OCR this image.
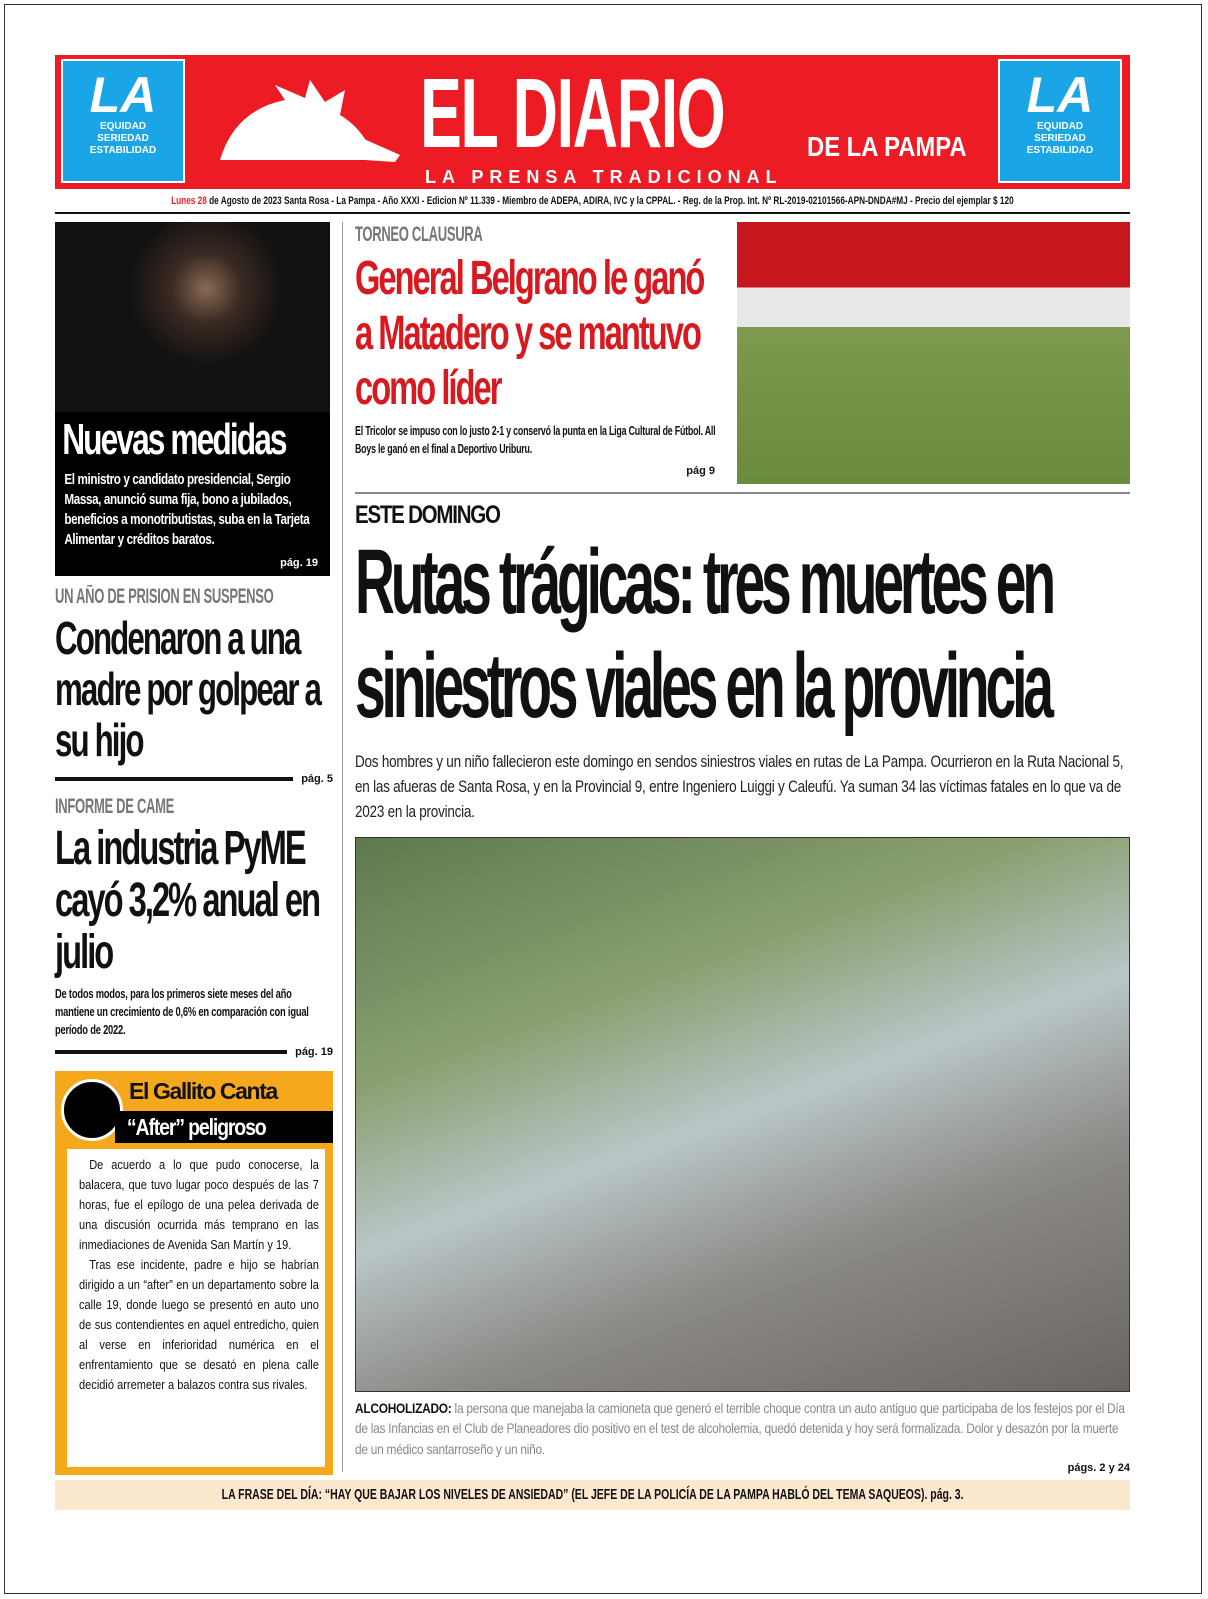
LA
EQUIDAD
SERIEDAD
ESTABILIDAD	EL DIARIO	DE LA PAMPA
LA PRENSA TRADICIONAL
LA
EQUIDAD
SERIEDAD
ESTABILIDAD
Lunes 28 de Agosto de 2023 Santa Rosa - La Pampa - Año XXXI - Edicion Nº 11.339 - Miembro de ADEPA, ADIRA, IVC y la CPPAL. - Reg. de la Prop. Int. Nº RL-2019-02101566-APN-DNDA#MJ - Precio del ejemplar $ 120
Nuevas medidas

El ministro y candidato presidencial, Sergio Massa, anunció suma fija, bono a jubilados, beneficios a monotributistas, suba en la Tarjeta Alimentar y créditos baratos.

pág. 19
UN AÑO DE PRISION EN SUSPENSO
Condenaron a una madre por golpear a su hijo
pág. 5
INFORME DE CAME
La industria PyME cayó 3,2% anual en julio
De todos modos, para los primeros siete meses del año mantiene un crecimiento de 0,6% en comparación con igual período de 2022.
pág. 19
El Gallito Canta
“After” peligroso

De acuerdo a lo que pudo conocerse, la balacera, que tuvo lugar poco después de las 7 horas, fue el epílogo de una pelea derivada de una discusión ocurrida más temprano en las inmediaciones de Avenida San Martín y 19.

Tras ese incidente, padre e hijo se habrían dirigido a un “after” en un departamento sobre la calle 19, donde luego se presentó en auto uno de sus contendientes en aquel entredicho, quien al verse en inferioridad numérica en el enfrentamiento que se desató en plena calle decidió arremeter a balazos contra sus rivales.

TORNEO CLAUSURA
General Belgrano le ganó a Matadero y se mantuvo como líder
El Tricolor se impuso con lo justo 2-1 y conservó la punta en la Liga Cultural de Fútbol. All Boys le ganó en el final a Deportivo Uriburu.
pág 9
ESTE DOMINGO
Rutas trágicas: tres muertes en siniestros viales en la provincia
Dos hombres y un niño fallecieron este domingo en sendos siniestros viales en rutas de La Pampa. Ocurrieron en la Ruta Nacional 5, en las afueras de Santa Rosa, y en la Provincial 9, entre Ingeniero Luiggi y Caleufú. Ya suman 34 las víctimas fatales en lo que va de 2023 en la provincia.
ALCOHOLIZADO: la persona que manejaba la camioneta que generó el terrible choque contra un auto antiguo que participaba de los festejos por el Día de las Infancias en el Club de Planeadores dio positivo en el test de alcoholemia, quedó detenida y hoy será formalizada. Dolor y desazón por la muerte de un médico santarroseño y un niño.
págs. 2 y 24
LA FRASE DEL DÍA: “HAY QUE BAJAR LOS NIVELES DE ANSIEDAD” (EL JEFE DE LA POLICÍA DE LA PAMPA HABLÓ DEL TEMA SAQUEOS). pág. 3.
